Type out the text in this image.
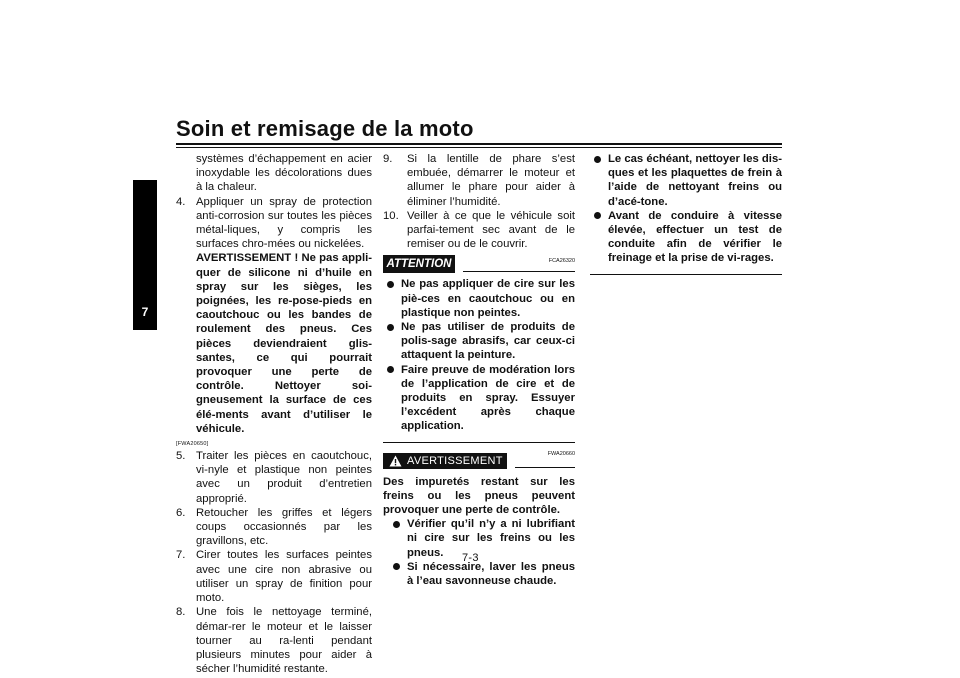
Soin et remisage de la moto
7
systèmes d’échappement en acier inoxydable les décolorations dues à la chaleur.
4. Appliquer un spray de protection anti-corrosion sur toutes les pièces métal-liques, y compris les surfaces chro-mées ou nickelées.
AVERTISSEMENT ! Ne pas appli-quer de silicone ni d’huile en spray sur les sièges, les poignées, les re-pose-pieds en caoutchouc ou les bandes de roulement des pneus. Ces pièces deviendraient glis-santes, ce qui pourrait provoquer une perte de contrôle. Nettoyer soi-gneusement la surface de ces élé-ments avant d’utiliser le véhicule.
[FWA20650]
5. Traiter les pièces en caoutchouc, vi-nyle et plastique non peintes avec un produit d’entretien approprié.
6. Retoucher les griffes et légers coups occasionnés par les gravillons, etc.
7. Cirer toutes les surfaces peintes avec une cire non abrasive ou utiliser un spray de finition pour moto.
8. Une fois le nettoyage terminé, démar-rer le moteur et le laisser tourner au ra-lenti pendant plusieurs minutes pour aider à sécher l’humidité restante.
9.	Si la lentille de phare s’est embuée, démarrer le moteur et allumer le phare pour aider à éliminer l’humidité.
10. Veiller à ce que le véhicule soit parfai-tement sec avant de le remiser ou de le couvrir.
ATTENTION	FCA26320
Ne pas appliquer de cire sur les piè-ces en caoutchouc ou en plastique non peintes.
Ne pas utiliser de produits de polis-sage abrasifs, car ceux-ci attaquent la peinture.
Faire preuve de modération lors de l’application de cire et de produits en spray. Essuyer l’excédent après chaque application.
AVERTISSEMENT
FWA20660

Des impuretés restant sur les freins ou les pneus peuvent provoquer une perte de contrôle.

Vérifier qu’il n’y a ni lubrifiant ni cire sur les freins ou les pneus.
Si nécessaire, laver les pneus à l’eau savonneuse chaude.
Le cas échéant, nettoyer les dis-ques et les plaquettes de frein à l’aide de nettoyant freins ou d’acé-tone.
Avant de conduire à vitesse élevée, effectuer un test de conduite afin de vérifier le freinage et la prise de vi-rages.
7-3
